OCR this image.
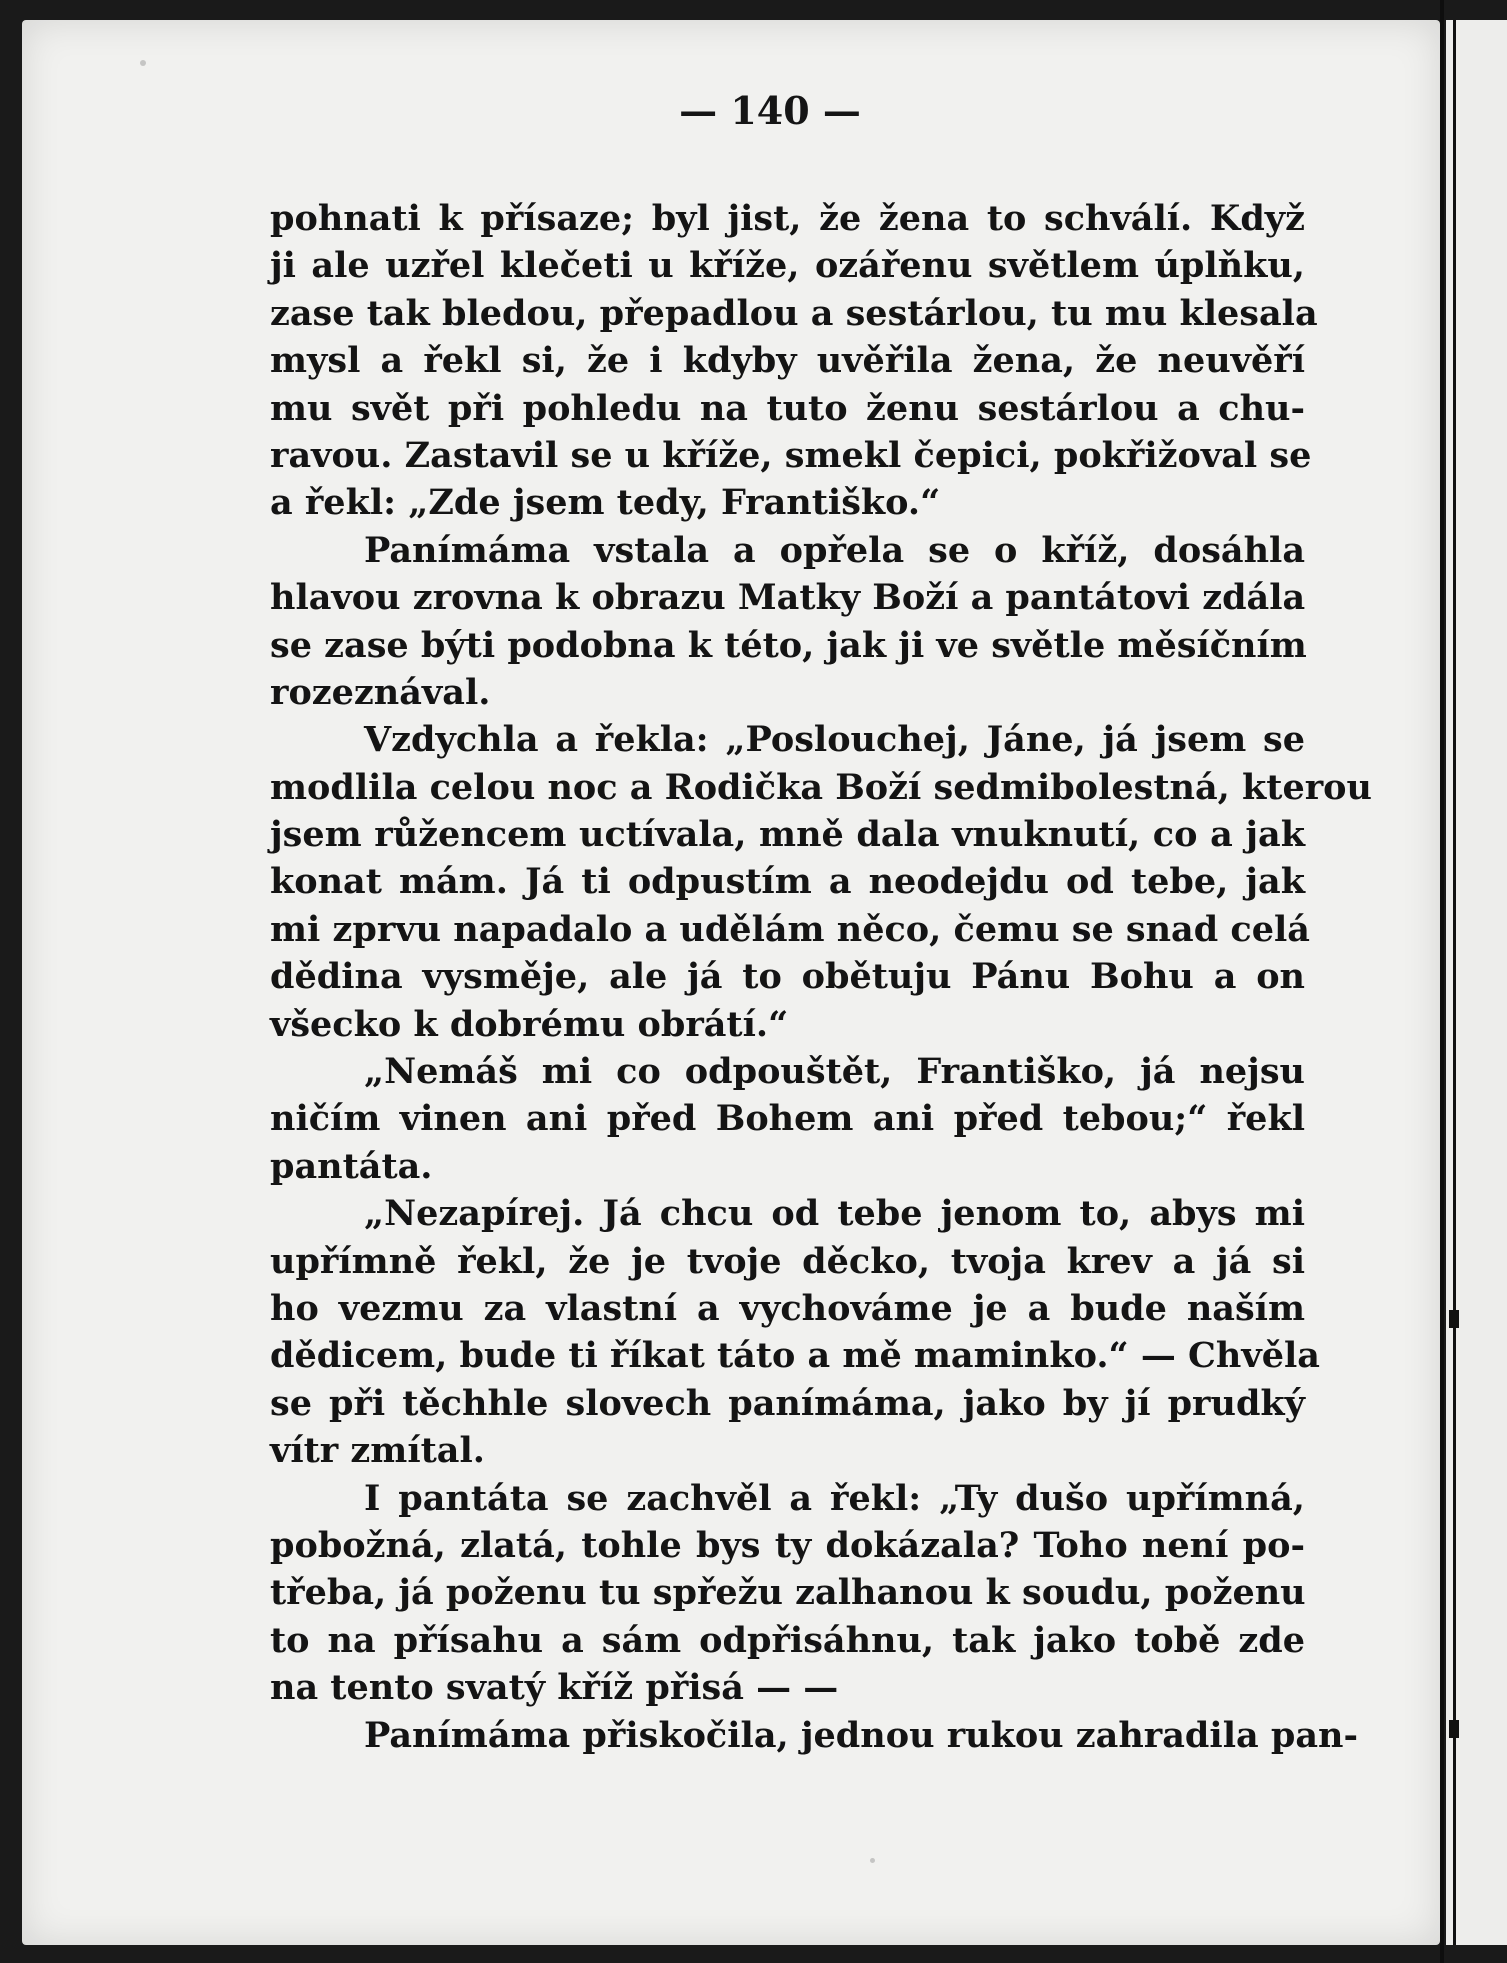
— 140 —
pohnati k přísaze; byl jist, že žena to schválí. Když
ji ale uzřel klečeti u kříže, ozářenu světlem úplňku,
zase tak bledou, přepadlou a sestárlou, tu mu klesala
mysl a řekl si, že i kdyby uvěřila žena, že neuvěří
mu svět při pohledu na tuto ženu sestárlou a chu-
ravou. Zastavil se u kříže, smekl čepici, pokřižoval se
a řekl: „Zde jsem tedy, Františko.“
Panímáma vstala a opřela se o kříž, dosáhla
hlavou zrovna k obrazu Matky Boží a pantátovi zdála
se zase býti podobna k této, jak ji ve světle měsíčním
rozeznával.
Vzdychla a řekla: „Posloucheј, Jáne, já jsem se
modlila celou noc a Rodička Boží sedmibolestná, kterou
jsem růžencem uctívala, mně dala vnuknutí, co a jak
konat mám. Já ti odpustím a neodejdu od tebe, jak
mi zprvu napadalo a udělám něco, čemu se snad celá
dědina vysměje, ale já to obětuju Pánu Bohu a on
všecko k dobrému obrátí.“
„Nemáš mi co odpouštět, Františko, já nejsu
ničím vinen ani před Bohem ani před tebou;“ řekl
pantáta.
„Nezapírej. Já chcu od tebe jenom to, abys mi
upřímně řekl, že je tvoje děcko, tvoja krev a já si
ho vezmu za vlastní a vychováme je a bude naším
dědicem, bude ti říkat táto a mě maminko.“ — Chvěla
se při těchhle slovech panímáma, jako by jí prudký
vítr zmítal.
I pantáta se zachvěl a řekl: „Ty dušo upřímná,
pobožná, zlatá, tohle bys ty dokázala? Toho není po-
třeba, já poženu tu spřežu zalhanou k soudu, poženu
to na přísahu a sám odpřisáhnu, tak jako tobě zde
na tento svatý kříž přisá — —
Panímáma přiskočila, jednou rukou zahradila pan-
